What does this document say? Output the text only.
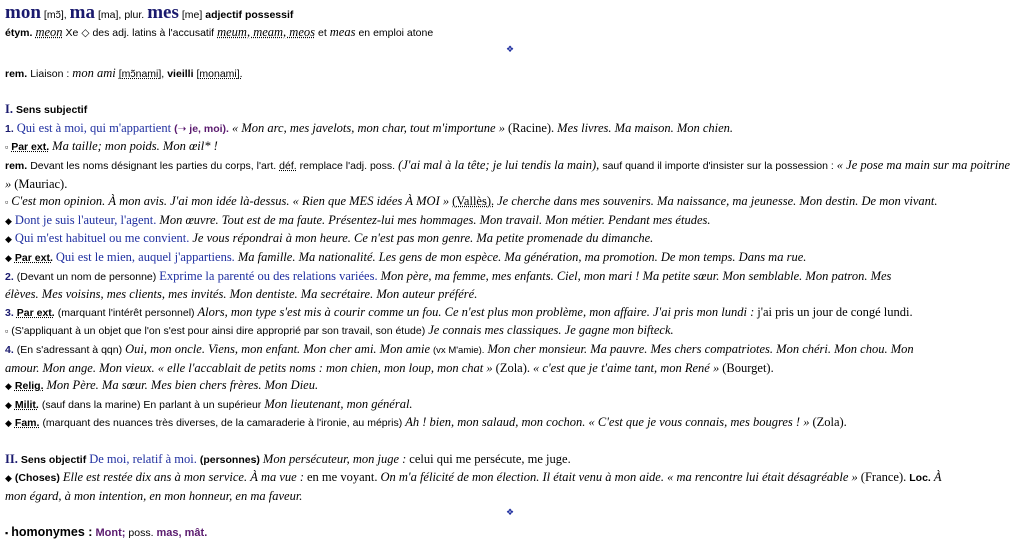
mon [mɔ̃], ma [ma], plur. mes [me] adjectif possessif
étym. meon Xe ◇ des adj. latins à l'accusatif meum, meam, meos et meas en emploi atone
❖
rem. Liaison : mon ami [mɔ̃nami], vieilli [monami].
I. Sens subjectif
1. Qui est à moi, qui m'appartient (➝ je, moi). « Mon arc, mes javelots, mon char, tout m'importune » (Racine). Mes livres. Ma maison. Mon chien.
▫ Par ext. Ma taille; mon poids. Mon œil* !
rem. Devant les noms désignant les parties du corps, l'art. déf. remplace l'adj. poss. (J'ai mal à la tête; je lui tendis la main), sauf quand il importe d'insister sur la possession : « Je pose ma main sur ma poitrine » (Mauriac).
▫ C'est mon opinion. À mon avis. J'ai mon idée là-dessus. « Rien que MES idées À MOI » (Vallès). Je cherche dans mes souvenirs. Ma naissance, ma jeunesse. Mon destin. De mon vivant.
◆ Dont je suis l'auteur, l'agent. Mon œuvre. Tout est de ma faute. Présentez-lui mes hommages. Mon travail. Mon métier. Pendant mes études.
◆ Qui m'est habituel ou me convient. Je vous répondrai à mon heure. Ce n'est pas mon genre. Ma petite promenade du dimanche.
◆ Par ext. Qui est le mien, auquel j'appartiens. Ma famille. Ma nationalité. Les gens de mon espèce. Ma génération, ma promotion. De mon temps. Dans ma rue.
2. (Devant un nom de personne) Exprime la parenté ou des relations variées. Mon père, ma femme, mes enfants. Ciel, mon mari ! Ma petite sœur. Mon semblable. Mon patron. Mes
élèves. Mes voisins, mes clients, mes invités. Mon dentiste. Ma secrétaire. Mon auteur préféré.
3. Par ext. (marquant l'intérêt personnel) Alors, mon type s'est mis à courir comme un fou. Ce n'est plus mon problème, mon affaire. J'ai pris mon lundi : j'ai pris un jour de congé lundi.
▫ (S'appliquant à un objet que l'on s'est pour ainsi dire approprié par son travail, son étude) Je connais mes classiques. Je gagne mon bifteck.
4. (En s'adressant à qqn) Oui, mon oncle. Viens, mon enfant. Mon cher ami. Mon amie (vx M'amie). Mon cher monsieur. Ma pauvre. Mes chers compatriotes. Mon chéri. Mon chou. Mon
amour. Mon ange. Mon vieux. « elle l'accablait de petits noms : mon chien, mon loup, mon chat » (Zola). « c'est que je t'aime tant, mon René » (Bourget).
◆ Relig. Mon Père. Ma sœur. Mes bien chers frères. Mon Dieu.
◆ Milit. (sauf dans la marine) En parlant à un supérieur Mon lieutenant, mon général.
◆ Fam. (marquant des nuances très diverses, de la camaraderie à l'ironie, au mépris) Ah ! bien, mon salaud, mon cochon. « C'est que je vous connais, mes bougres ! » (Zola).
II. Sens objectif De moi, relatif à moi. (personnes) Mon persécuteur, mon juge : celui qui me persécute, me juge.
◆ (Choses) Elle est restée dix ans à mon service. À ma vue : en me voyant. On m'a félicité de mon élection. Il était venu à mon aide. « ma rencontre lui était désagréable » (France). Loc. À
mon égard, à mon intention, en mon honneur, en ma faveur.
❖
▪ homonymes : Mont; poss. mas, mât.
